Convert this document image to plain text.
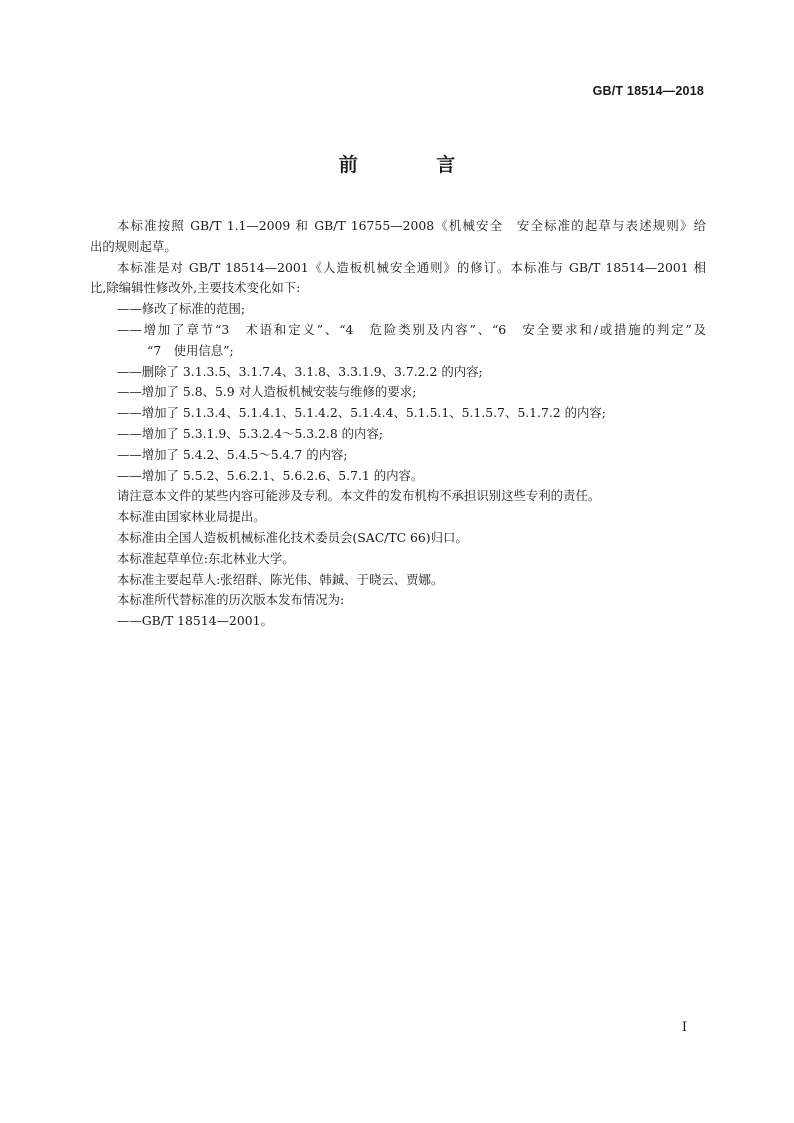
GB/T 18514—2018
前 言
本标准按照 GB/T 1.1—2009 和 GB/T 16755—2008《机械安全　安全标准的起草与表述规则》给
出的规则起草。
本标准是对 GB/T 18514—2001《人造板机械安全通则》的修订。本标准与 GB/T 18514—2001 相
比,除编辑性修改外,主要技术变化如下:
——修改了标准的范围;
——增加了章节“3　术语和定义”、“4　危险类别及内容”、“6　安全要求和/或措施的判定”及
“7　使用信息”;
——删除了 3.1.3.5、3.1.7.4、3.1.8、3.3.1.9、3.7.2.2 的内容;
——增加了 5.8、5.9 对人造板机械安装与维修的要求;
——增加了 5.1.3.4、5.1.4.1、5.1.4.2、5.1.4.4、5.1.5.1、5.1.5.7、5.1.7.2 的内容;
——增加了 5.3.1.9、5.3.2.4～5.3.2.8 的内容;
——增加了 5.4.2、5.4.5～5.4.7 的内容;
——增加了 5.5.2、5.6.2.1、5.6.2.6、5.7.1 的内容。
请注意本文件的某些内容可能涉及专利。本文件的发布机构不承担识别这些专利的责任。
本标准由国家林业局提出。
本标准由全国人造板机械标准化技术委员会(SAC/TC 66)归口。
本标准起草单位:东北林业大学。
本标准主要起草人:张绍群、陈光伟、韩鋮、于晓云、贾娜。
本标准所代替标准的历次版本发布情况为:
——GB/T 18514—2001。
I
